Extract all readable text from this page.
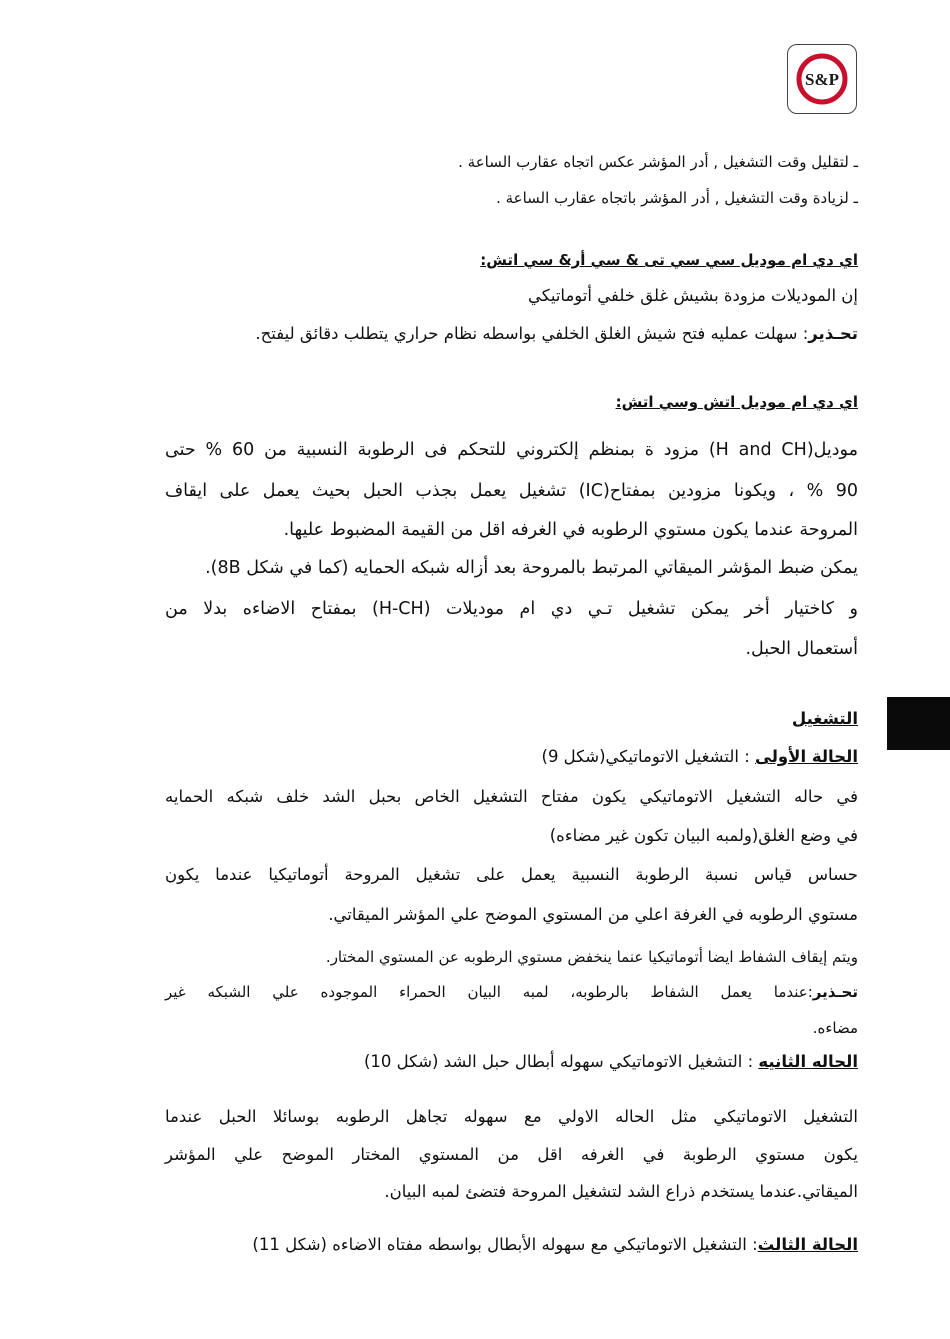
S&P
ـ لتقليل وقت التشغيل , أدر المؤشر عكس اتجاه عقارب الساعة .
ـ لزيادة وقت التشغيل , أدر المؤشر باتجاه عقارب الساعة .
اي دي ام موديل سي سي تى & سي أر& سي اتش:
إن الموديلات مزودة بشيش غلق خلفي أتوماتيكي
تحـذير: سهلت عمليه فتح شيش الغلق الخلفي بواسطه نظام حراري يتطلب دقائق ليفتح.
اي دي ام موديل اتش وسي اتش:
موديل(H and CH) مزود ة بمنظم إلكتروني للتحكم فى الرطوبة النسبية من 60 % حتى
90 % ، ويكونا مزودين بمفتاح(IC) تشغيل يعمل بجذب الحبل بحيث يعمل على ايقاف
المروحة عندما يكون مستوي الرطوبه في الغرفه اقل من القيمة المضبوط عليها.
يمكن ضبط المؤشر الميقاتي المرتبط بالمروحة بعد أزاله شبكه الحمايه (كما في شكل 8B).
و كاختيار أخر يمكن تشغيل تـي دي ام موديلات (H-CH) بمفتاح الاضاءه بدلا من
أستعمال الحبل.
التشغيل
الحالة الأولى : التشغيل الاتوماتيكي(شكل 9)
في حاله التشغيل الاتوماتيكي يكون مفتاح التشغيل الخاص بحبل الشد خلف شبكه الحمايه
في وضع الغلق(ولمبه البيان تكون غير مضاءه)
حساس قياس نسبة الرطوبة النسبية يعمل على تشغيل المروحة أتوماتيكيا عندما يكون
مستوي الرطوبه في الغرفة اعلي من المستوي الموضح علي المؤشر الميقاتي.
ويتم إيقاف الشفاط ايضا أتوماتيكيا عنما ينخفض مستوي الرطوبه عن المستوي المختار.
تحـذير:عندما يعمل الشفاط بالرطوبه، لمبه البيان الحمراء الموجوده علي الشبكه غير
مضاءه.
الحاله الثانيه : التشغيل الاتوماتيكي سهوله أبطال حبل الشد (شكل 10)
التشغيل الاتوماتيكي مثل الحاله الاولي مع سهوله تجاهل الرطوبه بوسائلا الحبل عندما
يكون مستوي الرطوبة في الغرفه اقل من المستوي المختار الموضح علي المؤشر
الميقاتي.عندما يستخدم ذراع الشد لتشغيل المروحة فتضئ لمبه البيان.
الحالة الثالث: التشغيل الاتوماتيكي مع سهوله الأبطال بواسطه مفتاه الاضاءه (شكل 11)
